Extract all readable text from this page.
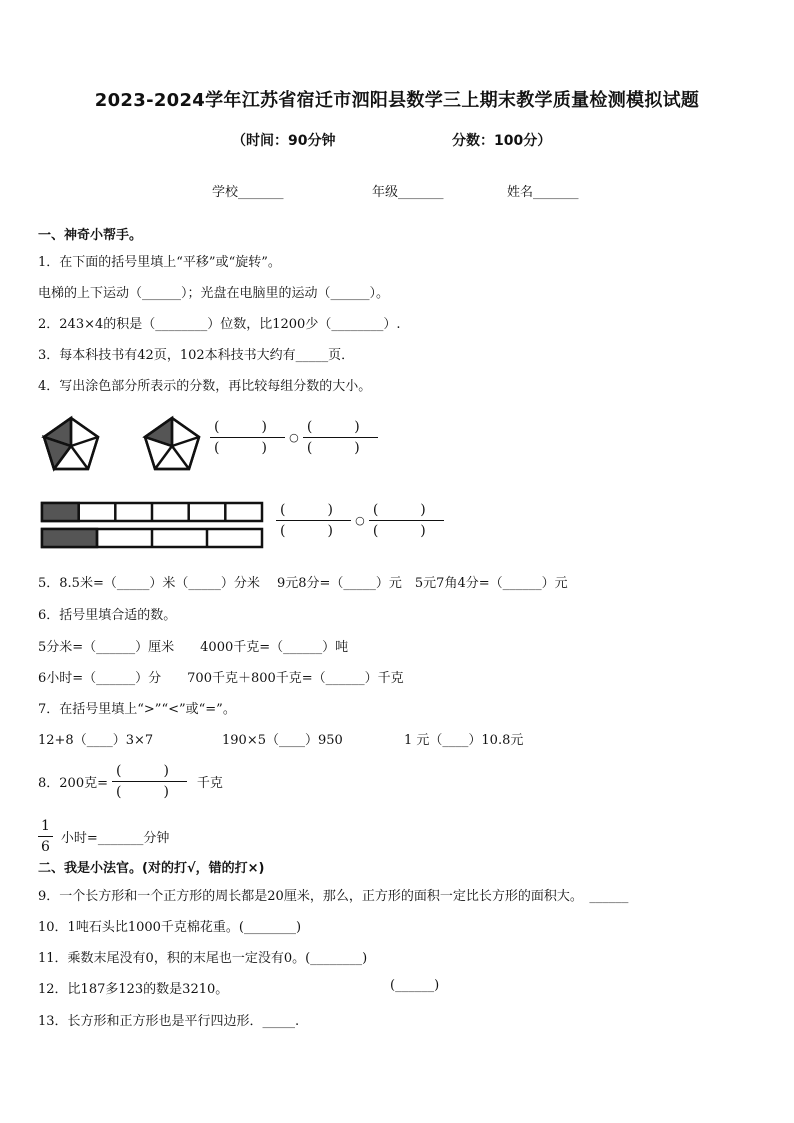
2023-2024学年江苏省宿迁市泗阳县数学三上期末教学质量检测模拟试题
（时间：90分钟	分数：100分）
学校_______	年级_______	姓名_______
一、神奇小帮手。
1．在下面的括号里填上“平移”或“旋转”。
电梯的上下运动（______）；光盘在电脑里的运动（______）。
2．243×4的积是（________）位数，比1200少（________）.
3．每本科技书有42页，102本科技书大约有_____页．
4．写出涂色部分所表示的分数，再比较每组分数的大小。
$\frac{( )}{( )}$ ○ $\frac{( )}{( )}$
$\frac{( )}{( )}$ ○ $\frac{( )}{( )}$
5．8.5米=（_____）米（_____）分米　 9元8分=（_____）元　5元7角4分=（______）元
6．括号里填合适的数。
5分米=（______）厘米　　4000千克=（______）吨
6小时=（______）分　　700千克＋800千克=（______）千克
7．在括号里填上“>”“<”或“=”。
12+8（____）3×7	190×5（____）950	1 元（____）10.8元
8．200克= $\frac{( )}{( )}$ 千克
$\frac{1}{6}$ 小时=_______分钟
二、我是小法官。(对的打√，错的打×)
9．一个长方形和一个正方形的周长都是20厘米，那么，正方形的面积一定比长方形的面积大。　______
10．1吨石头比1000千克棉花重。(________)
11．乘数末尾没有0，积的末尾也一定没有0。(________)
12．比187多123的数是3210。	(______)
13．长方形和正方形也是平行四边形．_____.
